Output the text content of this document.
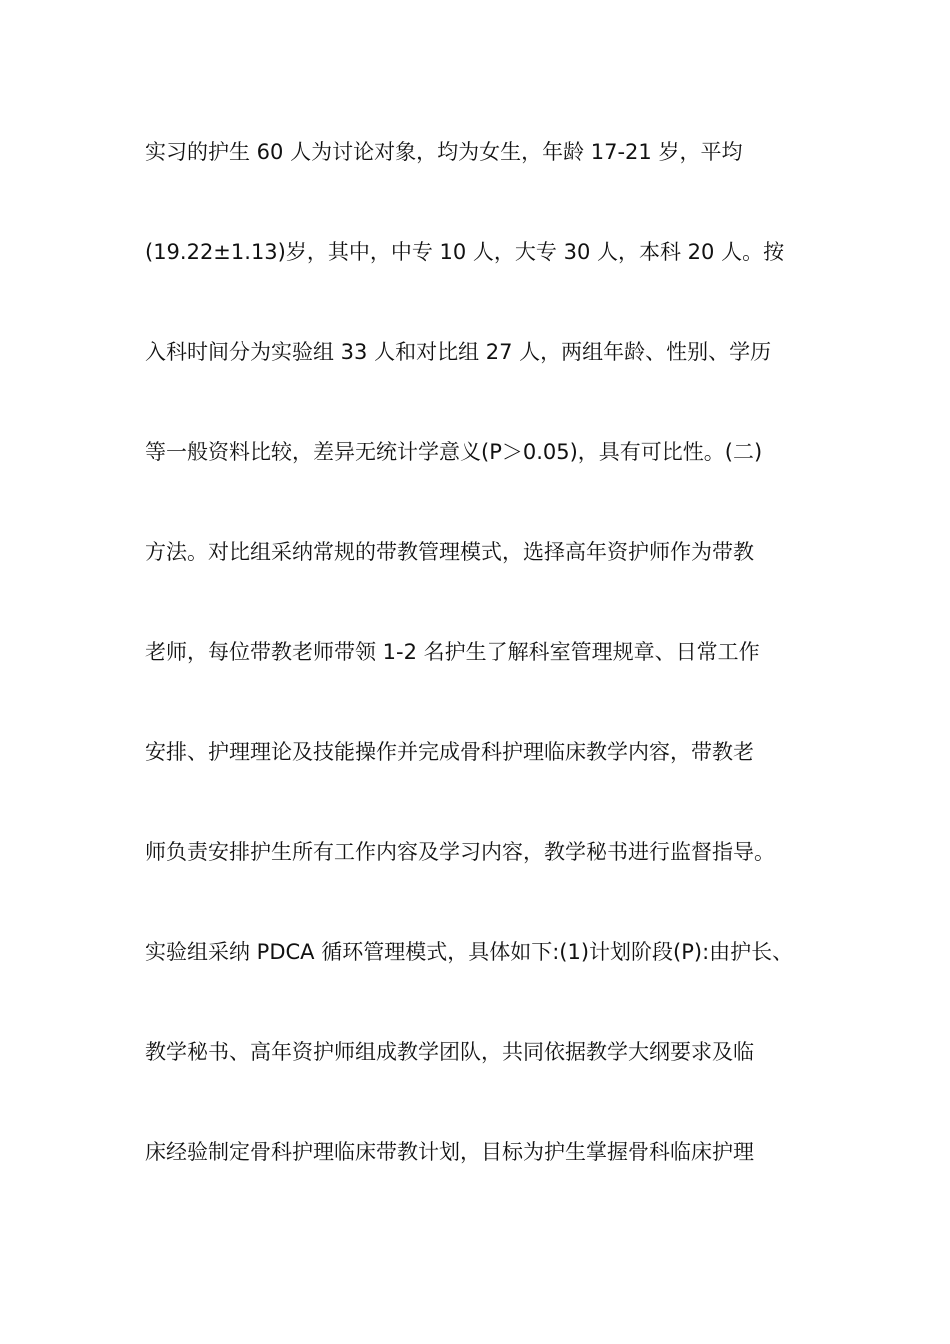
实习的护生 60 人为讨论对象，均为女生，年龄 17-21 岁，平均
(19.22±1.13)岁，其中，中专 10 人，大专 30 人，本科 20 人。按
入科时间分为实验组 33 人和对比组 27 人，两组年龄、性别、学历
等一般资料比较，差异无统计学意义(P＞0.05)，具有可比性。(二)
方法。对比组采纳常规的带教管理模式，选择高年资护师作为带教
老师，每位带教老师带领 1-2 名护生了解科室管理规章、日常工作
安排、护理理论及技能操作并完成骨科护理临床教学内容，带教老
师负责安排护生所有工作内容及学习内容，教学秘书进行监督指导。
实验组采纳 PDCA 循环管理模式，具体如下:(1)计划阶段(P):由护长、
教学秘书、高年资护师组成教学团队，共同依据教学大纲要求及临
床经验制定骨科护理临床带教计划，目标为护生掌握骨科临床护理
